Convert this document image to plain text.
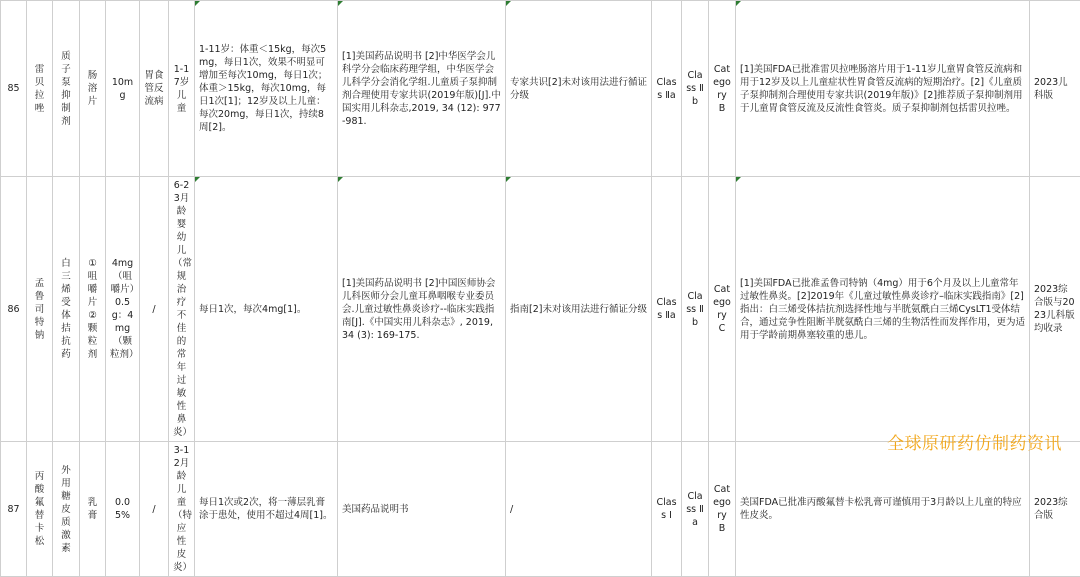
85	雷贝拉唑	质子泵抑制剂	肠溶片	10mg	胃食管反流病	1-17岁儿童	1-11岁：体重＜15kg，每次5mg，每日1次，效果不明显可增加至每次10mg，每日1次；体重＞15kg，每次10mg，每日1次[1]；12岁及以上儿童：每次20mg，每日1次，持续8周[2]。	[1]美国药品说明书 [2]中华医学会儿科学分会临床药理学组，中华医学会儿科学分会消化学组.儿童质子泵抑制剂合理使用专家共识(2019年版)[J].中国实用儿科杂志,2019, 34 (12): 977-981.	专家共识[2]未对该用法进行循证分级	Class Ⅱa	Class Ⅱb	Category B	[1]美国FDA已批准雷贝拉唑肠溶片用于1-11岁儿童胃食管反流病和用于12岁及以上儿童症状性胃食管反流病的短期治疗。[2]《儿童质子泵抑制剂合理使用专家共识(2019年版)》[2]推荐质子泵抑制剂用于儿童胃食管反流及反流性食管炎。质子泵抑制剂包括雷贝拉唑。	2023儿科版
86	孟鲁司特钠	白三烯受体拮抗药	①咀嚼片 ②颗粒剂	4mg（咀嚼片）0.5g：4mg（颗粒剂）	/	6-23月龄婴幼儿（常规治疗不佳的常年过敏性鼻炎）	每日1次，每次4mg[1]。	[1]美国药品说明书 [2]中国医师协会儿科医师分会儿童耳鼻咽喉专业委员会.儿童过敏性鼻炎诊疗--临床实践指南[J].《中国实用儿科杂志》, 2019, 34 (3): 169-175.	指南[2]未对该用法进行循证分级	Class Ⅱa	Class Ⅱb	Category C	[1]美国FDA已批准孟鲁司特钠（4mg）用于6个月及以上儿童常年过敏性鼻炎。[2]2019年《儿童过敏性鼻炎诊疗–临床实践指南》[2]指出：白三烯受体拮抗剂选择性地与半胱氨酰白三烯CysLT1受体结合，通过竞争性阻断半胱氨酰白三烯的生物活性而发挥作用，更为适用于学龄前期鼻塞较重的患儿。	2023综合版与2023儿科版均收录
87	丙酸氟替卡松	外用糖皮质激素	乳膏	0.05%	/	3-12月龄儿童（特应性皮炎）	每日1次或2次，将一薄层乳膏涂于患处，使用不超过4周[1]。	美国药品说明书	/	Class Ⅰ	Class Ⅱa	Category B	美国FDA已批准丙酸氟替卡松乳膏可谨慎用于3月龄以上儿童的特应性皮炎。	2023综合版
全球原研药仿制药资讯
